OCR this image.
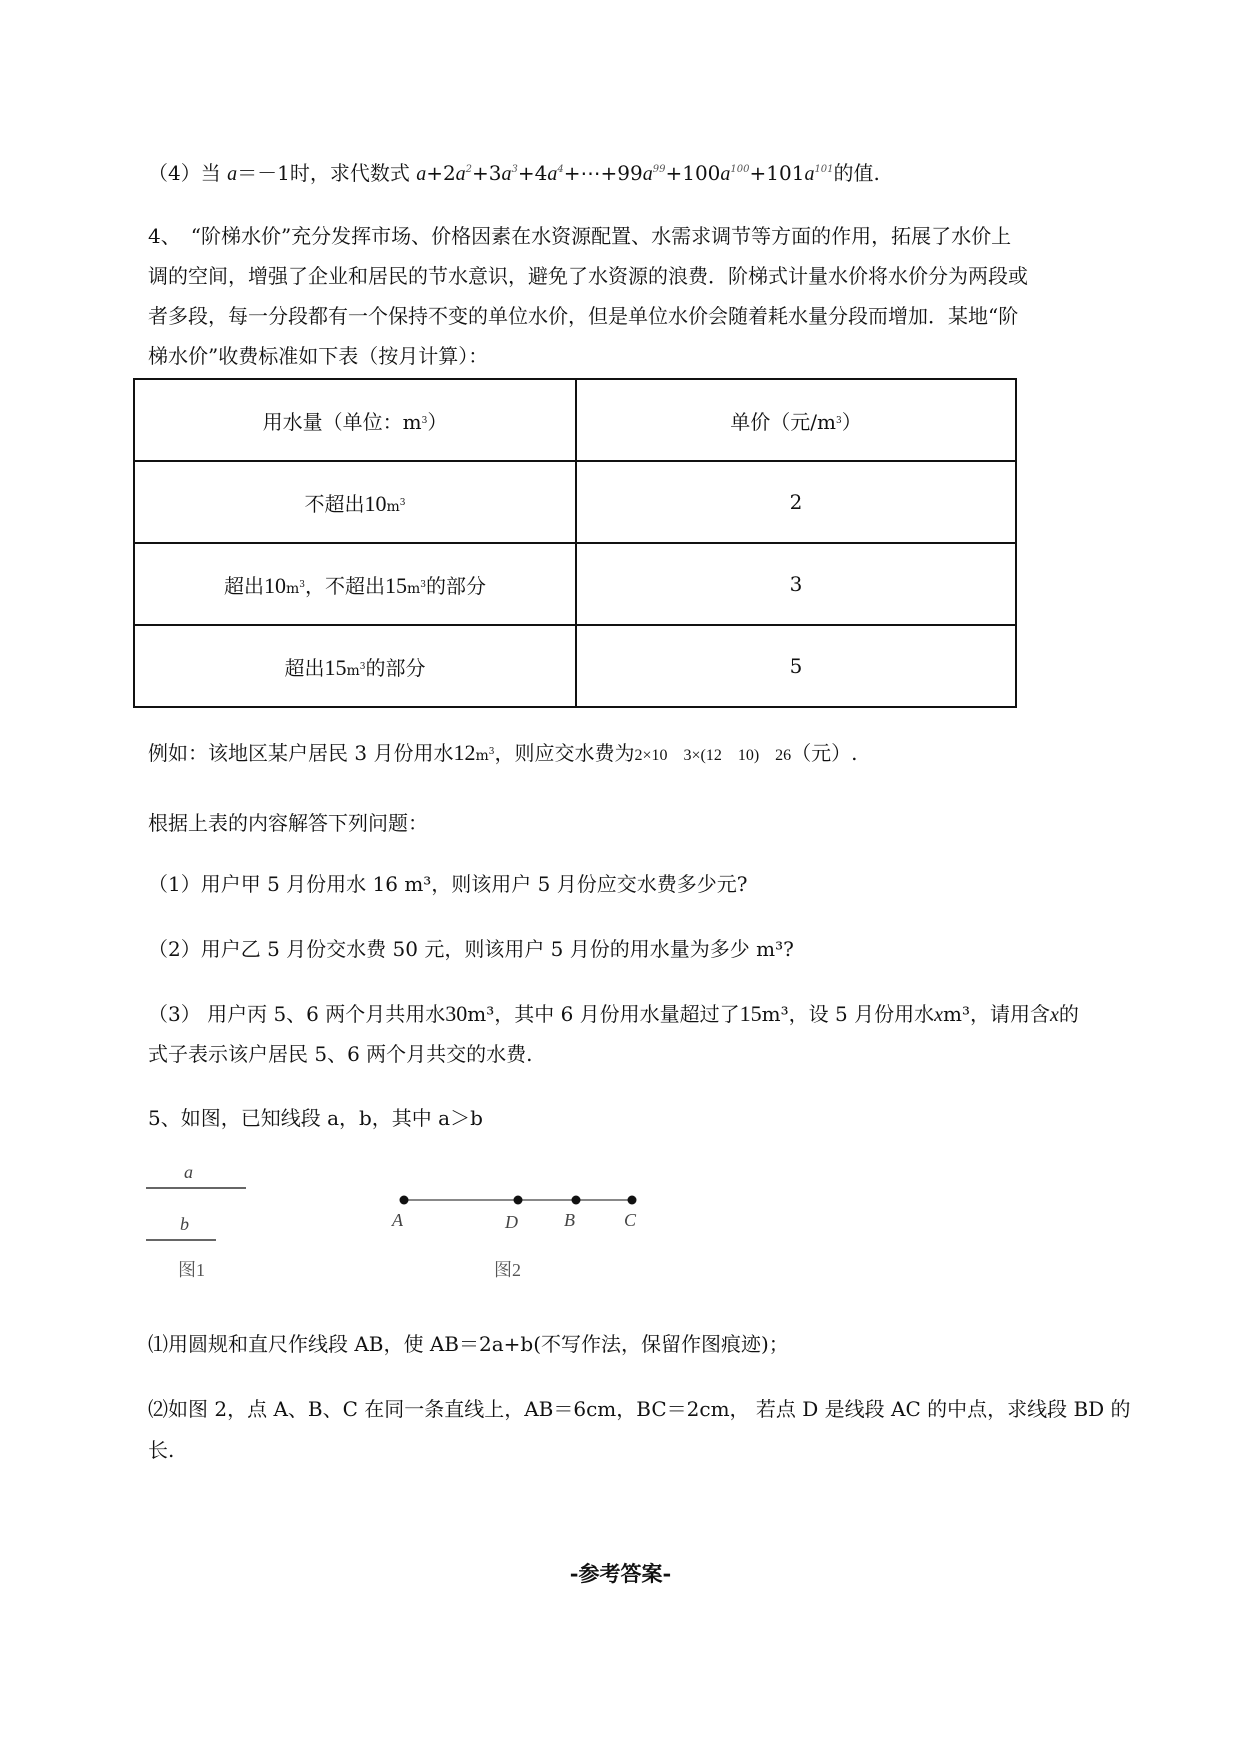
（4）当 a＝－1时，求代数式 $a+2a^2+3a^3+4a^4+\cdots+99a^{99}+100a^{100}+101a^{101}$的值.
4、　“阶梯水价”充分发挥市场、价格因素在水资源配置、水需求调节等方面的作用，拓展了水价上
调的空间，增强了企业和居民的节水意识，避免了水资源的浪费．阶梯式计量水价将水价分为两段或
者多段，每一分段都有一个保持不变的单位水价，但是单位水价会随着耗水量分段而增加．某地“阶
梯水价”收费标准如下表（按月计算）：
用水量（单位：$m^3$）	单价（元$/m^3$）
不超出$10m^3$	2
超出$10m^3$，不超出$15m^3$的部分	3
超出$15m^3$的部分	5
例如：该地区某户居民 3 月份用水$12m^3$，则应交水费为2×10　3×(12　10)　26（元）.
根据上表的内容解答下列问题：
（1）用户甲 5 月份用水 16 m³，则该用户 5 月份应交水费多少元?
（2）用户乙 5 月份交水费 50 元，则该用户 5 月份的用水量为多少 m³?
（3） 用户丙 5、6 两个月共用水30m³，其中 6 月份用水量超过了15m³，设 5 月份用水xm³，请用含x的
式子表示该户居民 5、6 两个月共交的水费.
5、如图，已知线段 a，b，其中 a＞b
a
b
图1
A	D	B	C
图2
⑴用圆规和直尺作线段 AB，使 AB＝2a+b(不写作法，保留作图痕迹)；
⑵如图 2，点 A、B、C 在同一条直线上，AB＝6cm，BC＝2cm， 若点 D 是线段 AC 的中点，求线段 BD 的
长.
-参考答案-
